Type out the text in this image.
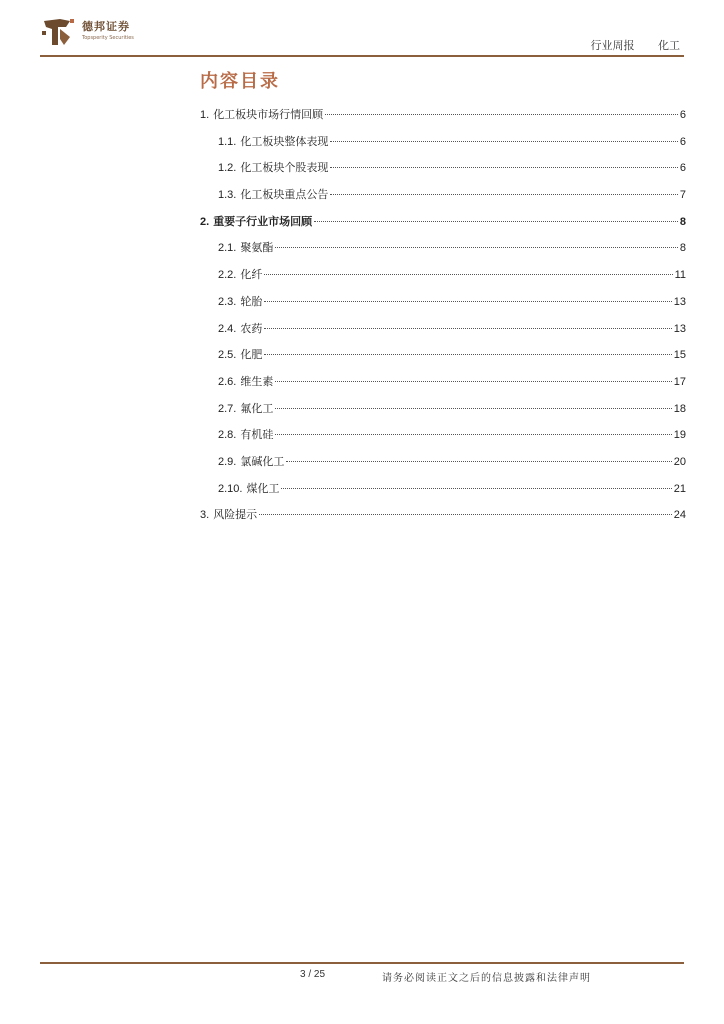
德邦证券
Topsperity Securities
行业周报 化工
内容目录
1. 化工板块市场行情回顾	6
1.1. 化工板块整体表现	6
1.2. 化工板块个股表现	6
1.3. 化工板块重点公告	7
2. 重要子行业市场回顾	8
2.1. 聚氨酯	8
2.2. 化纤	11
2.3. 轮胎	13
2.4. 农药	13
2.5. 化肥	15
2.6. 维生素	17
2.7. 氟化工	18
2.8. 有机硅	19
2.9. 氯碱化工	20
2.10. 煤化工	21
3. 风险提示	24
3 / 25	请务必阅读正文之后的信息披露和法律声明
